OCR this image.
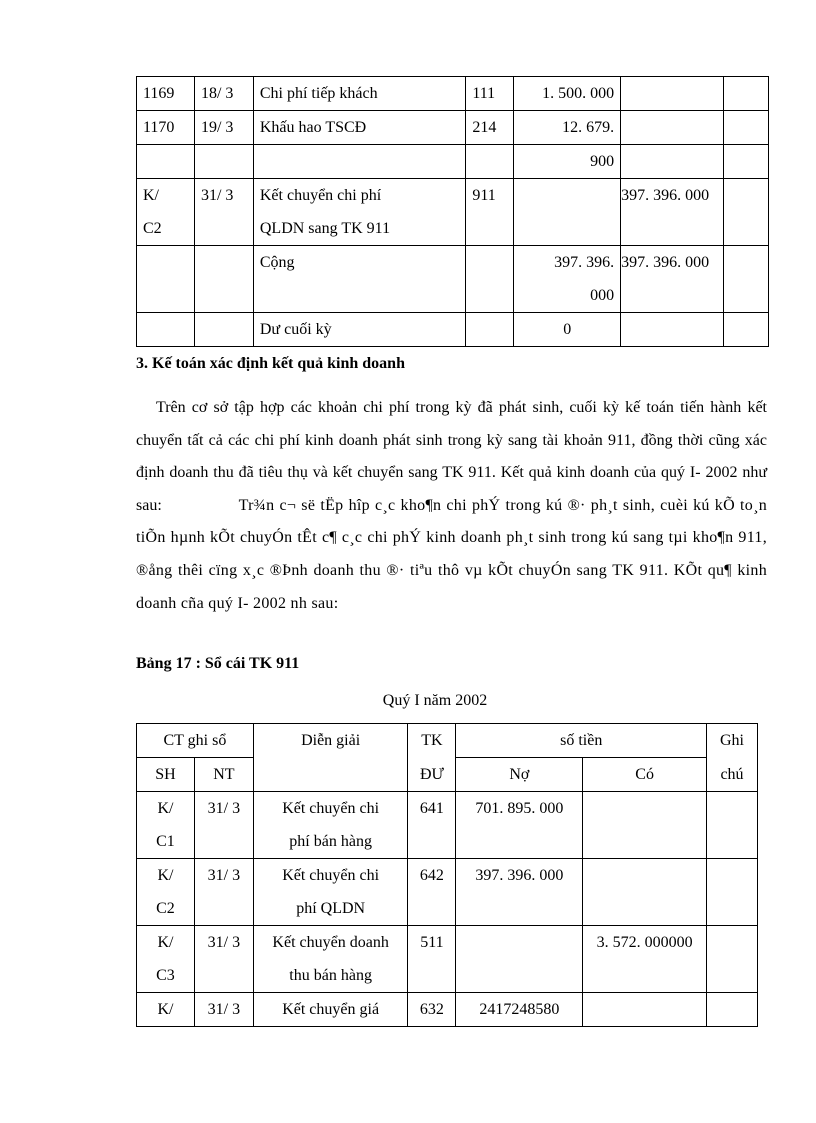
1169	18/ 3	Chi phí tiếp khách	111	1. 500. 000		
1170	19/ 3	Khấu hao TSCĐ	214	12. 679.		
				900		
K/	31/ 3	Kết chuyển chi phí	911		397. 396. 000	
C2		QLDN sang TK 911				
		Cộng		397. 396.	397. 396. 000	
				000		
		Dư cuối kỳ		0		
3. Kế toán xác định kết quả kinh doanh

Trên cơ sở tập hợp các khoản chi phí trong kỳ đã phát sinh, cuối kỳ kế toán tiến hành kết chuyển tất cả các chi phí kinh doanh phát sinh trong kỳ sang tài khoản 911, đồng thời cũng xác định doanh thu đã tiêu thụ và kết chuyển sang TK 911. Kết quả kinh doanh của quý I- 2002 như sau:	Tr¾n c¬ së tËp hîp c¸c kho¶n chi phÝ trong kú ®· ph¸t sinh, cuèi kú kÕ to¸n tiÕn hµnh kÕt chuyÓn tÊt c¶ c¸c chi phÝ kinh doanh ph¸t sinh trong kú sang tµi kho¶n 911, ®ång thêi cïng x¸c ®Þnh doanh thu ®· tiªu thô vµ kÕt chuyÓn sang TK 911. KÕt qu¶ kinh doanh cña quý I- 2002 nh sau:

Bảng 17 : Sổ cái TK 911
Quý I năm 2002
CT ghi sổ		Diễn giải	TK	số tiền		Ghi
SH	NT		ĐƯ	Nợ	Có	chú
K/	31/ 3	Kết chuyển chi	641	701. 895. 000		
C1		phí bán hàng				
K/	31/ 3	Kết chuyển chi	642	397. 396. 000		
C2		phí QLDN				
K/	31/ 3	Kết chuyển doanh	511		3. 572. 000000	
C3		thu bán hàng				
K/	31/ 3	Kết chuyển giá	632	2417248580		
